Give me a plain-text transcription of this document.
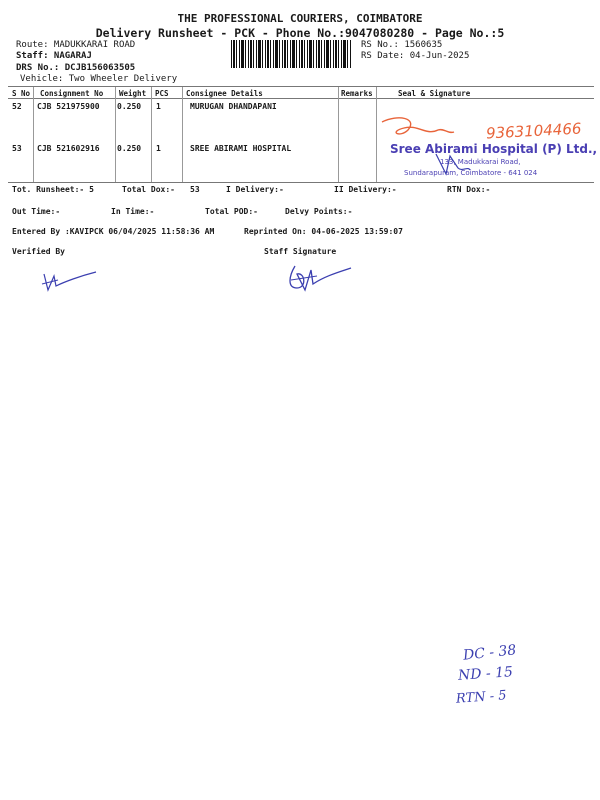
THE PROFESSIONAL COURIERS, COIMBATORE
Delivery Runsheet - PCK - Phone No.:9047080280 - Page No.:5
Route: MADUKKARAI ROAD
Staff: NAGARAJ
DRS No.: DCJB156063505
Vehicle: Two Wheeler Delivery
RS No.: 1560635
RS Date: 04-Jun-2025
S No Consignment No Weight PCS Consignee Details	Remarks	Seal & Signature
52 CJB 521975900 0.250 1	MURUGAN DHANDAPANI
53 CJB 521602916 0.250 1	SREE ABIRAMI HOSPITAL
9363104466
Sree Abirami Hospital (P) Ltd.,
133, Madukkarai Road,
Sundarapuram, Coimbatore - 641 024
Tot. Runsheet:- 5	Total Dox:- 53	I Delivery:-	II Delivery:-	RTN Dox:-
Out Time:-	In Time:-	Total POD:-	Delvy Points:-
Entered By :KAVIPCK 06/04/2025 11:58:36 AM	Reprinted On: 04-06-2025 13:59:07
Verified By	Staff Signature
DC - 38
ND - 15
RTN - 5
